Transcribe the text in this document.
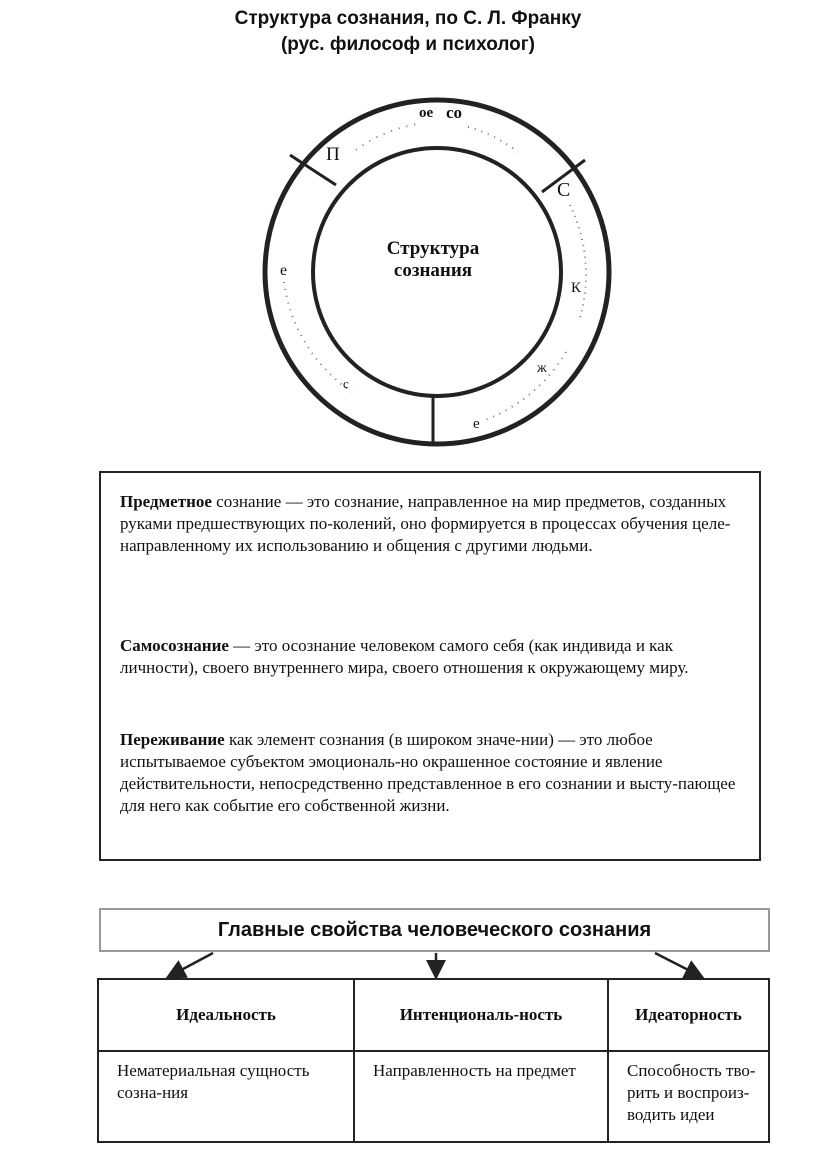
Структура сознания, по С. Л. Франку
(рус. философ и психолог)
оe со
П
С
К
е
ж
е
с
Структура
сознания
Предметное сознание — это сознание, направленное на мир предметов, созданных руками предшествующих по-колений, оно формируется в процессах обучения целе-направленному их использованию и общения с другими людьми.
Самосознание — это осознание человеком самого себя (как индивида и как личности), своего внутреннего мира, своего отношения к окружающему миру.
Переживание как элемент сознания (в широком значе-нии) — это любое испытываемое субъектом эмоциональ-но окрашенное состояние и явление действительности, непосредственно представленное в его сознании и высту-пающее для него как событие его собственной жизни.
Главные свойства человеческого сознания
Идеальность	Интенциональ-ность	Идеаторность
Нематериальная сущность созна-ния	Направленность на предмет	Способность тво-рить и воспроиз-водить идеи
